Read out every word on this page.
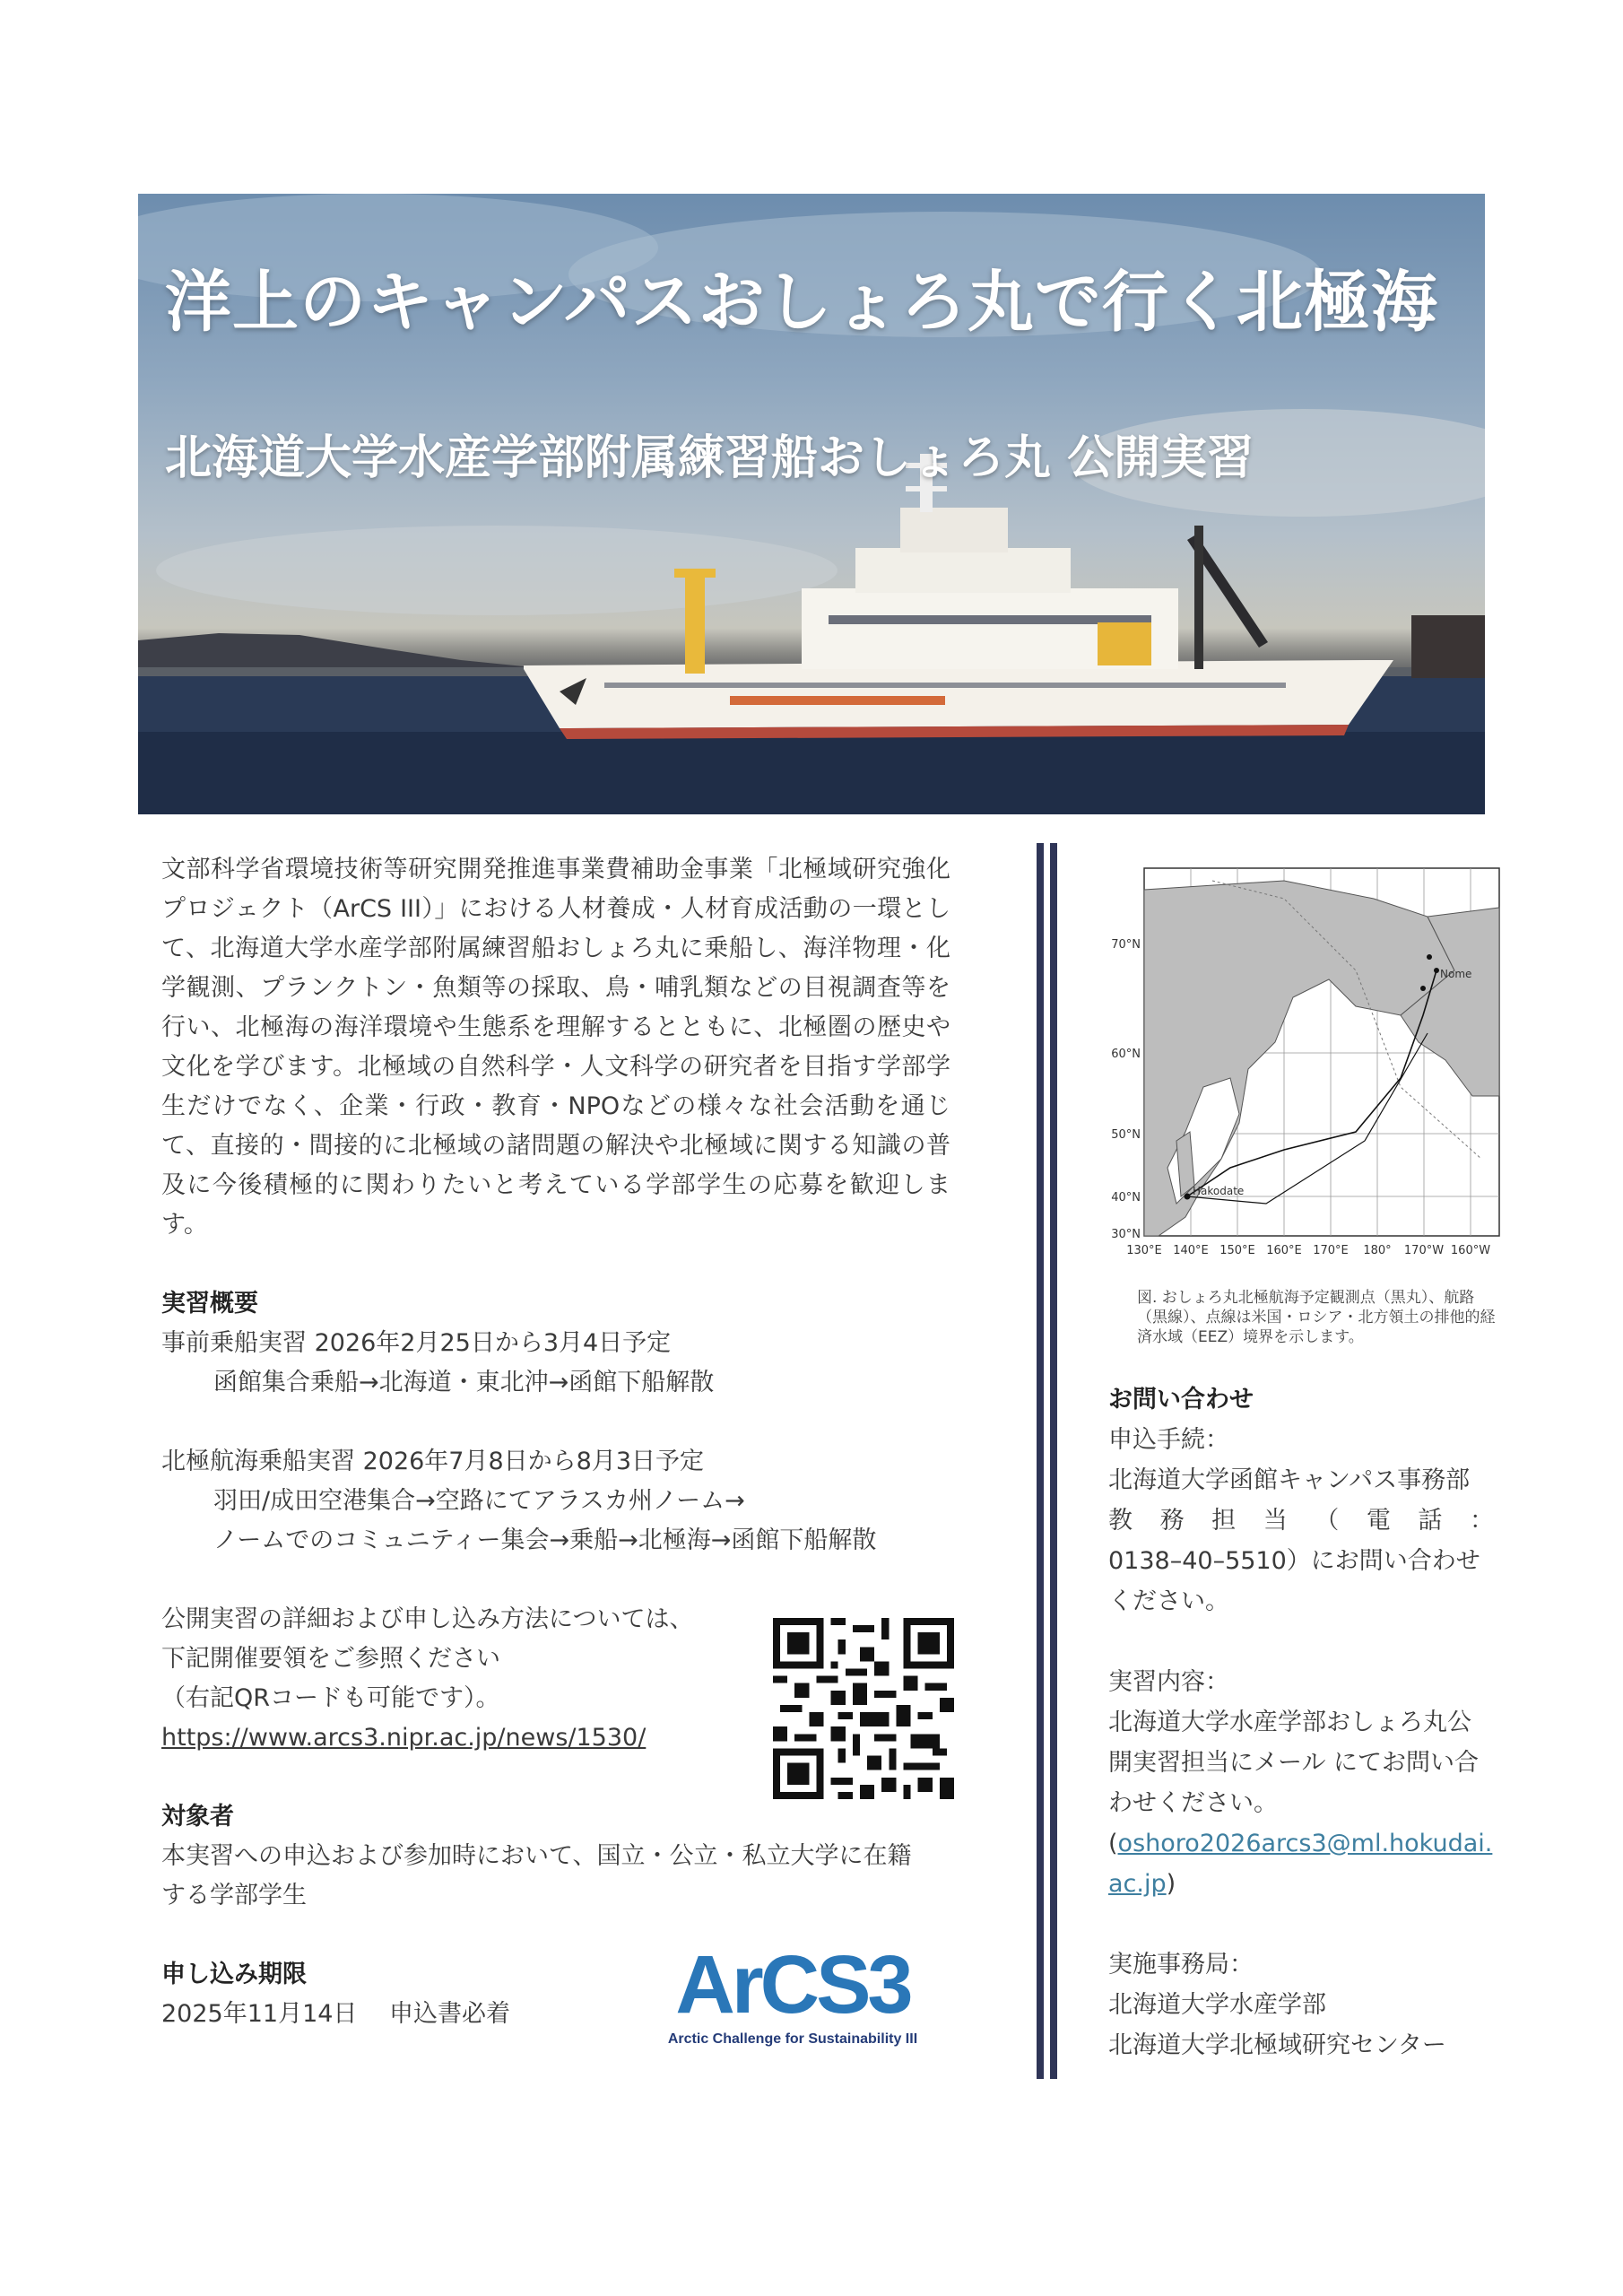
洋上のキャンパスおしょろ丸で行く北極海
北海道大学水産学部附属練習船おしょろ丸 公開実習

文部科学省環境技術等研究開発推進事業費補助金事業「北極域研究強化プロジェクト（ArCS III）」における人材養成・人材育成活動の一環として、北海道大学水産学部附属練習船おしょろ丸に乗船し、海洋物理・化学観測、プランクトン・魚類等の採取、鳥・哺乳類などの目視調査等を行い、北極海の海洋環境や生態系を理解するとともに、北極圏の歴史や文化を学びます。北極域の自然科学・人文科学の研究者を目指す学部学生だけでなく、企業・行政・教育・NPOなどの様々な社会活動を通じて、直接的・間接的に北極域の諸問題の解決や北極域に関する知識の普及に今後積極的に関わりたいと考えている学部学生の応募を歓迎します。

実習概要

事前乗船実習 2026年2月25日から3月4日予定

函館集合乗船→北海道・東北沖→函館下船解散

北極航海乗船実習 2026年7月8日から8月3日予定

羽田/成田空港集合→空路にてアラスカ州ノーム→

ノームでのコミュニティー集会→乗船→北極海→函館下船解散

公開実習の詳細および申し込み方法については、

下記開催要領をご参照ください

（右記QRコードも可能です）。

https://www.arcs3.nipr.ac.jp/news/1530/

対象者

本実習への申込および参加時において、国立・公立・私立大学に在籍する学部学生

申し込み期限

2025年11月14日　 申込書必着	ArCS3
Arctic Challenge for Sustainability III
70°N
60°N
50°N
40°N
30°N
130°E 140°E 150°E 160°E 170°E 180° 170°W 160°W
Nome
Hakodate
図. おしょろ丸北極航海予定観測点（黒丸）、航路（黒線）、点線は米国・ロシア・北方領土の排他的経済水域（EEZ）境界を示します。

お問い合わせ

申込手続：

北海道大学函館キャンパス事務部

教務担当（電話：

0138–40–5510）にお問い合わせください。

実習内容：

北海道大学水産学部おしょろ丸公開実習担当にメール にてお問い合わせください。

(oshoro2026arcs3@ml.hokudai.ac.jp)

実施事務局：

北海道大学水産学部

北海道大学北極域研究センター
